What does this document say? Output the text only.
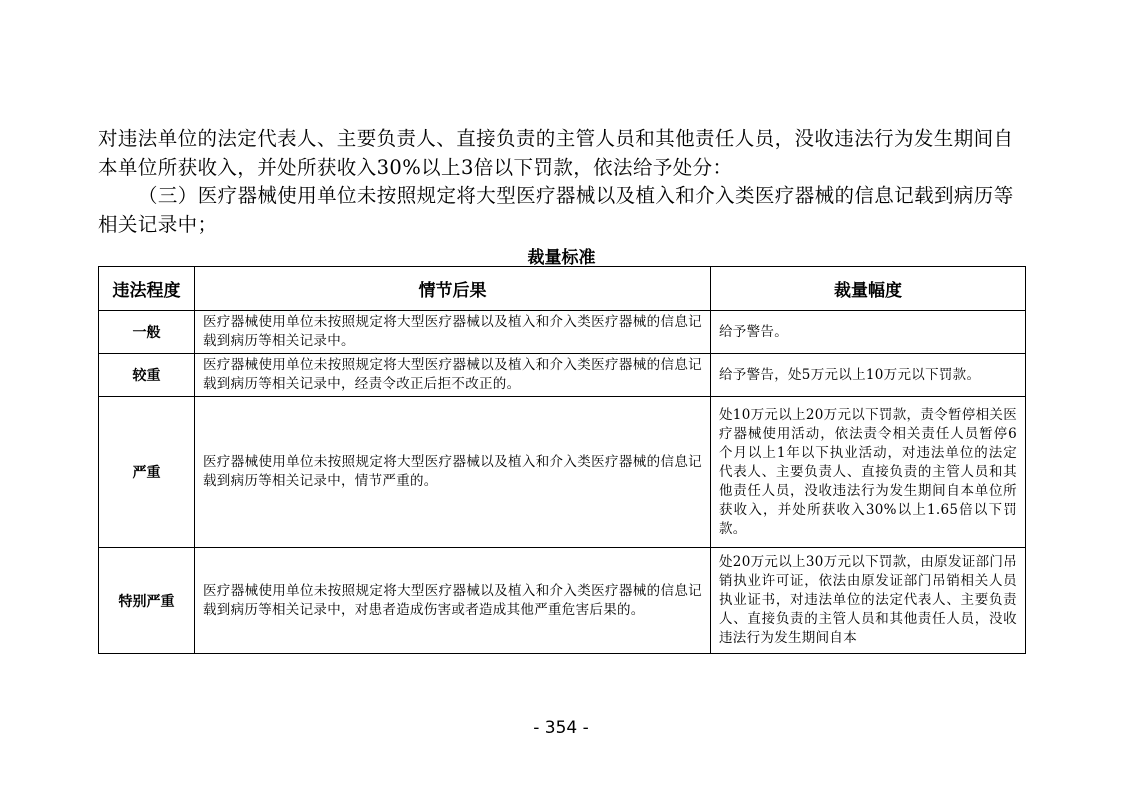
对违法单位的法定代表人、主要负责人、直接负责的主管人员和其他责任人员，没收违法行为发生期间自本单位所获收入，并处所获收入30%以上3倍以下罚款，依法给予处分：

（三）医疗器械使用单位未按照规定将大型医疗器械以及植入和介入类医疗器械的信息记载到病历等相关记录中；

裁量标准
违法程度	情节后果	裁量幅度
一般	医疗器械使用单位未按照规定将大型医疗器械以及植入和介入类医疗器械的信息记载到病历等相关记录中。	给予警告。

较重	医疗器械使用单位未按照规定将大型医疗器械以及植入和介入类医疗器械的信息记载到病历等相关记录中，经责令改正后拒不改正的。	给予警告，处5万元以上10万元以下罚款。

严重	医疗器械使用单位未按照规定将大型医疗器械以及植入和介入类医疗器械的信息记载到病历等相关记录中，情节严重的。	处10万元以上20万元以下罚款，责令暂停相关医疗器械使用活动，依法责令相关责任人员暂停6个月以上1年以下执业活动，对违法单位的法定代表人、主要负责人、直接负责的主管人员和其他责任人员，没收违法行为发生期间自本单位所获收入，并处所获收入30%以上1.65倍以下罚款。

特别严重	医疗器械使用单位未按照规定将大型医疗器械以及植入和介入类医疗器械的信息记载到病历等相关记录中，对患者造成伤害或者造成其他严重危害后果的。	处20万元以上30万元以下罚款，由原发证部门吊销执业许可证，依法由原发证部门吊销相关人员执业证书，对违法单位的法定代表人、主要负责人、直接负责的主管人员和其他责任人员，没收违法行为发生期间自本
- 354 -
